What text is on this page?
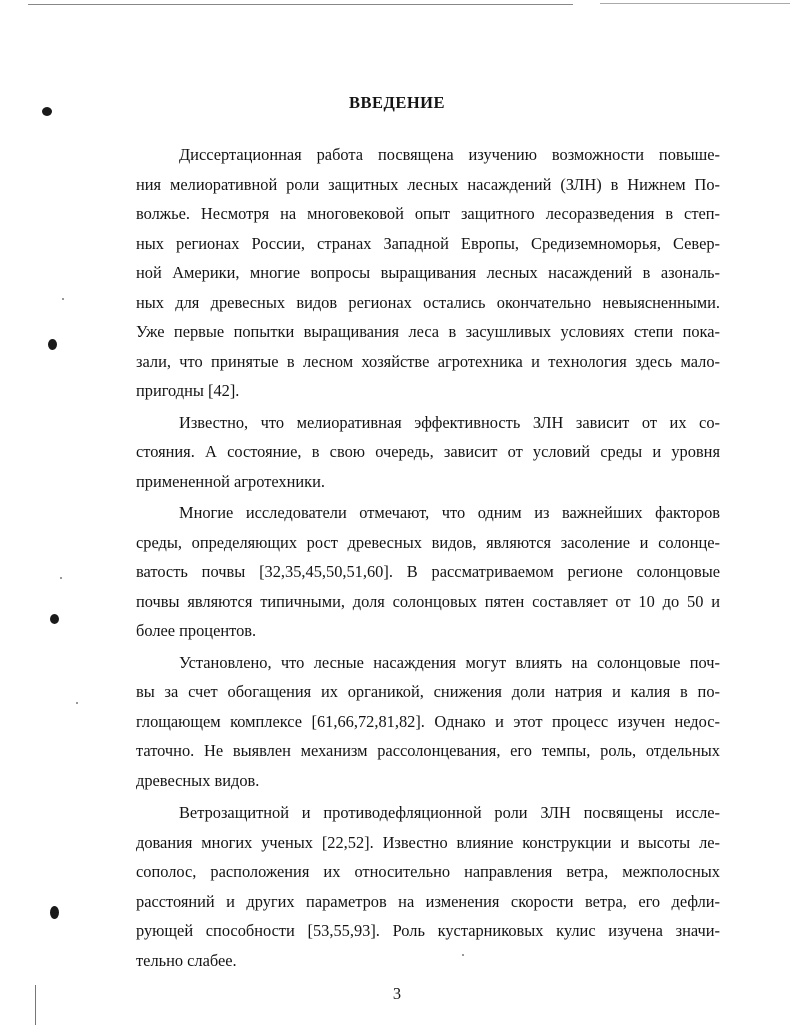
ВВЕДЕНИЕ
Диссертационная работа посвящена изучению возможности повыше-
ния мелиоративной роли защитных лесных насаждений (ЗЛН) в Нижнем По-
волжье. Несмотря на многовековой опыт защитного лесоразведения в степ-
ных регионах России, странах Западной Европы, Средиземноморья, Север-
ной Америки, многие вопросы выращивания лесных насаждений в азональ-
ных для древесных видов регионах остались окончательно невыясненными.
Уже первые попытки выращивания леса в засушливых условиях степи пока-
зали, что принятые в лесном хозяйстве агротехника и технология здесь мало-
пригодны [42].
Известно, что мелиоративная эффективность ЗЛН зависит от их со-
стояния. А состояние, в свою очередь, зависит от условий среды и уровня
примененной агротехники.
Многие исследователи отмечают, что одним из важнейших факторов
среды, определяющих рост древесных видов, являются засоление и солонце-
ватость почвы [32,35,45,50,51,60]. В рассматриваемом регионе солонцовые
почвы являются типичными, доля солонцовых пятен составляет от 10 до 50 и
более процентов.
Установлено, что лесные насаждения могут влиять на солонцовые поч-
вы за счет обогащения их органикой, снижения доли натрия и калия в по-
глощающем комплексе [61,66,72,81,82]. Однако и этот процесс изучен недос-
таточно. Не выявлен механизм рассолонцевания, его темпы, роль, отдельных
древесных видов.
Ветрозащитной и противодефляционной роли ЗЛН посвящены иссле-
дования многих ученых [22,52]. Известно влияние конструкции и высоты ле-
сополос, расположения их относительно направления ветра, межполосных
расстояний и других параметров на изменения скорости ветра, его дефли-
рующей способности [53,55,93]. Роль кустарниковых кулис изучена значи-
тельно слабее.
3
